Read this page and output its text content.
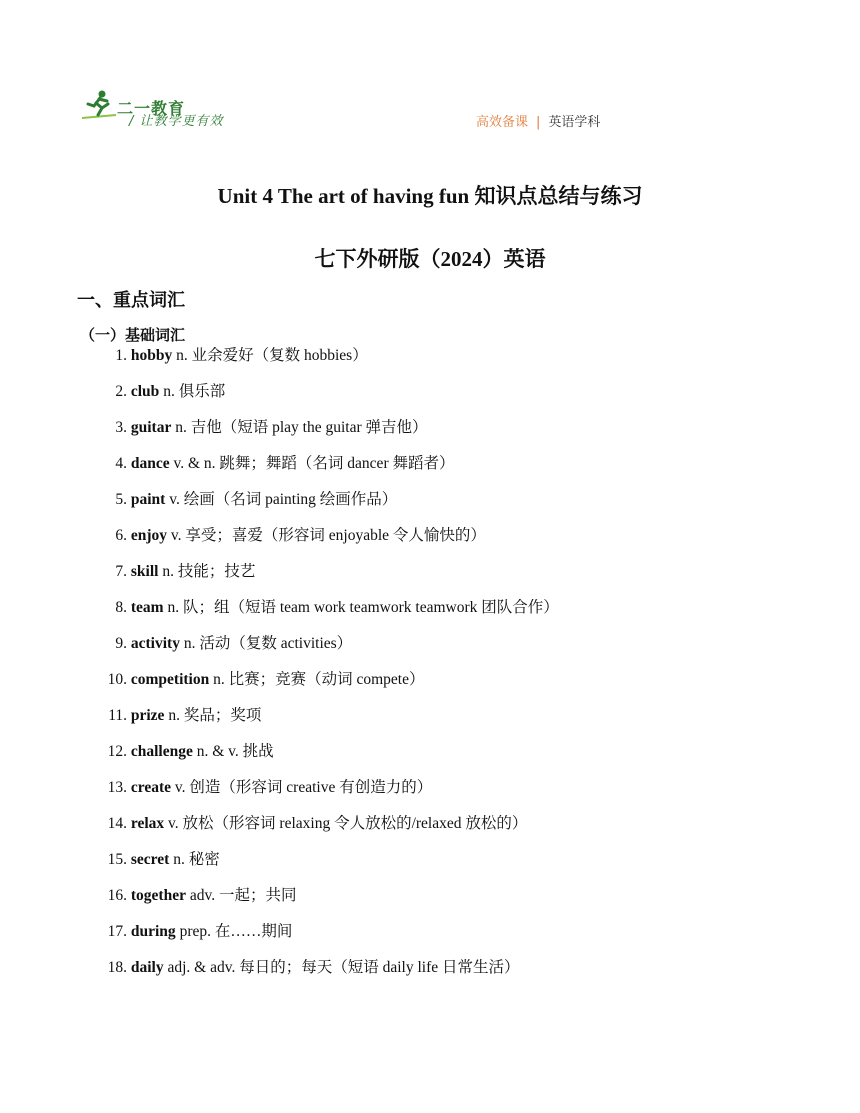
二一教育
/ 让教学更有效	高效备课 | 英语学科
Unit 4 The art of having fun 知识点总结与练习
七下外研版（2024）英语
一、重点词汇
（一）基础词汇
1. hobby n. 业余爱好（复数 hobbies）
2. club n. 俱乐部
3. guitar n. 吉他（短语 play the guitar 弹吉他）
4. dance v. & n. 跳舞；舞蹈（名词 dancer 舞蹈者）
5. paint v. 绘画（名词 painting 绘画作品）
6. enjoy v. 享受；喜爱（形容词 enjoyable 令人愉快的）
7. skill n. 技能；技艺
8. team n. 队；组（短语 team work teamwork teamwork 团队合作）
9. activity n. 活动（复数 activities）
10. competition n. 比赛；竞赛（动词 compete）
11. prize n. 奖品；奖项
12. challenge n. & v. 挑战
13. create v. 创造（形容词 creative 有创造力的）
14. relax v. 放松（形容词 relaxing 令人放松的/relaxed 放松的）
15. secret n. 秘密
16. together adv. 一起；共同
17. during prep. 在……期间
18. daily adj. & adv. 每日的；每天（短语 daily life 日常生活）
